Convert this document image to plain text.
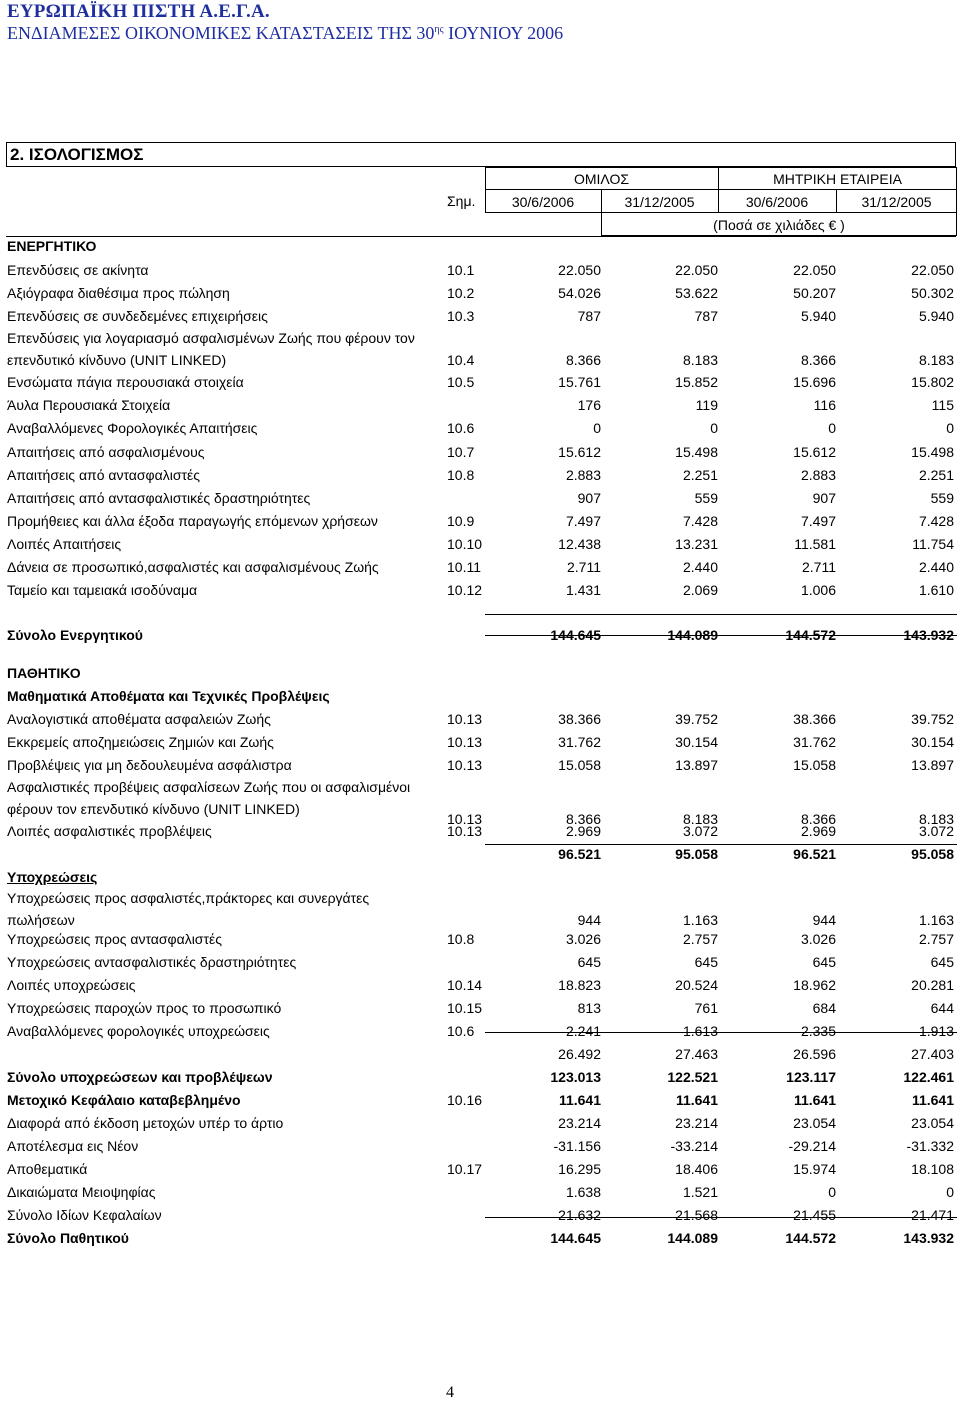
ΕΥΡΩΠΑΪΚΗ ΠΙΣΤΗ Α.Ε.Γ.Α.
ΕΝΔΙΑΜΕΣΕΣ ΟΙΚΟΝΟΜΙΚΕΣ ΚΑΤΑΣΤΑΣΕΙΣ ΤΗΣ $30^{\eta\varsigma}$ ΙΟΥΝΙΟΥ 2006
2. ΙΣΟΛΟΓΙΣΜΟΣ
ΟΜΙΛΟΣ	ΜΗΤΡΙΚΗ ΕΤΑΙΡΕΙΑ
Σημ.	30/6/2006	31/12/2005	30/6/2006	31/12/2005
(Ποσά σε χιλιάδες € )
ΕΝΕΡΓΗΤΙΚΟ
Επενδύσεις σε ακίνητα	10.1	22.050	22.050	22.050	22.050
Αξιόγραφα διαθέσιμα προς πώληση	10.2	54.026	53.622	50.207	50.302
Επενδύσεις σε συνδεδεμένες επιχειρήσεις	10.3	787	787	5.940	5.940
Επενδύσεις για λογαριασμό ασφαλισμένων Ζωής που φέρουν τον
επενδυτικό κίνδυνο (UNIT LINKED)	10.4	8.366	8.183	8.366	8.183
Ενσώματα πάγια περουσιακά στοιχεία	10.5	15.761	15.852	15.696	15.802
Άυλα Περουσιακά Στοιχεία	176	119	116	115
Αναβαλλόμενες Φορολογικές Απαιτήσεις	10.6	0	0	0	0
Απαιτήσεις από ασφαλισμένους	10.7	15.612	15.498	15.612	15.498
Απαιτήσεις από αντασφαλιστές	10.8	2.883	2.251	2.883	2.251
Απαιτήσεις από αντασφαλιστικές δραστηριότητες	907	559	907	559
Προμήθειες και άλλα έξοδα παραγωγής επόμενων χρήσεων	10.9	7.497	7.428	7.497	7.428
Λοιπές Απαιτήσεις	10.10	12.438	13.231	11.581	11.754
Δάνεια σε προσωπικό,ασφαλιστές και ασφαλισμένους Ζωής	10.11	2.711	2.440	2.711	2.440
Ταμείο και ταμειακά ισοδύναμα	10.12	1.431	2.069	1.006	1.610
Σύνολο Ενεργητικού	144.645	144.089	144.572	143.932
ΠΑΘΗΤΙΚΟ
Μαθηματικά Αποθέματα και Τεχνικές Προβλέψεις
Αναλογιστικά αποθέματα ασφαλειών Ζωής	10.13	38.366	39.752	38.366	39.752
Εκκρεμείς αποζημειώσεις Ζημιών και Ζωής	10.13	31.762	30.154	31.762	30.154
Προβλέψεις για μη δεδουλευμένα ασφάλιστρα	10.13	15.058	13.897	15.058	13.897
Ασφαλιστικές προβέψεις ασφαλίσεων Ζωής που οι ασφαλισμένοι
φέρουν τον επενδυτικό κίνδυνο (UNIT LINKED)
10.13	8.366	8.183	8.366	8.183
Λοιπές ασφαλιστικές προβλέψεις	10.13	2.969	3.072	2.969	3.072
96.521	95.058	96.521	95.058
Υποχρεώσεις
Υποχρεώσεις προς ασφαλιστές,πράκτορες και συνεργάτες
πωλήσεων	944	1.163	944	1.163
Υποχρεώσεις προς αντασφαλιστές	10.8	3.026	2.757	3.026	2.757
Υποχρεώσεις αντασφαλιστικές δραστηριότητες	645	645	645	645
Λοιπές υποχρεώσεις	10.14	18.823	20.524	18.962	20.281
Υποχρεώσεις παροχών προς το προσωπικό	10.15	813	761	684	644
Αναβαλλόμενες φορολογικές υποχρεώσεις	10.6	2.241	1.613	2.335	1.913
26.492	27.463	26.596	27.403
Σύνολο υποχρεώσεων και προβλέψεων	123.013	122.521	123.117	122.461
Μετοχικό Κεφάλαιο καταβεβλημένο	10.16	11.641	11.641	11.641	11.641
Διαφορά από έκδοση μετοχών υπέρ το άρτιο	23.214	23.214	23.054	23.054
Αποτέλεσμα εις Νέον	-31.156	-33.214	-29.214	-31.332
Αποθεματικά	10.17	16.295	18.406	15.974	18.108
Δικαιώματα Μειοψηφίας	1.638	1.521	0	0
Σύνολο Ιδίων Κεφαλαίων	21.632	21.568	21.455	21.471
Σύνολο Παθητικού	144.645	144.089	144.572	143.932
4
